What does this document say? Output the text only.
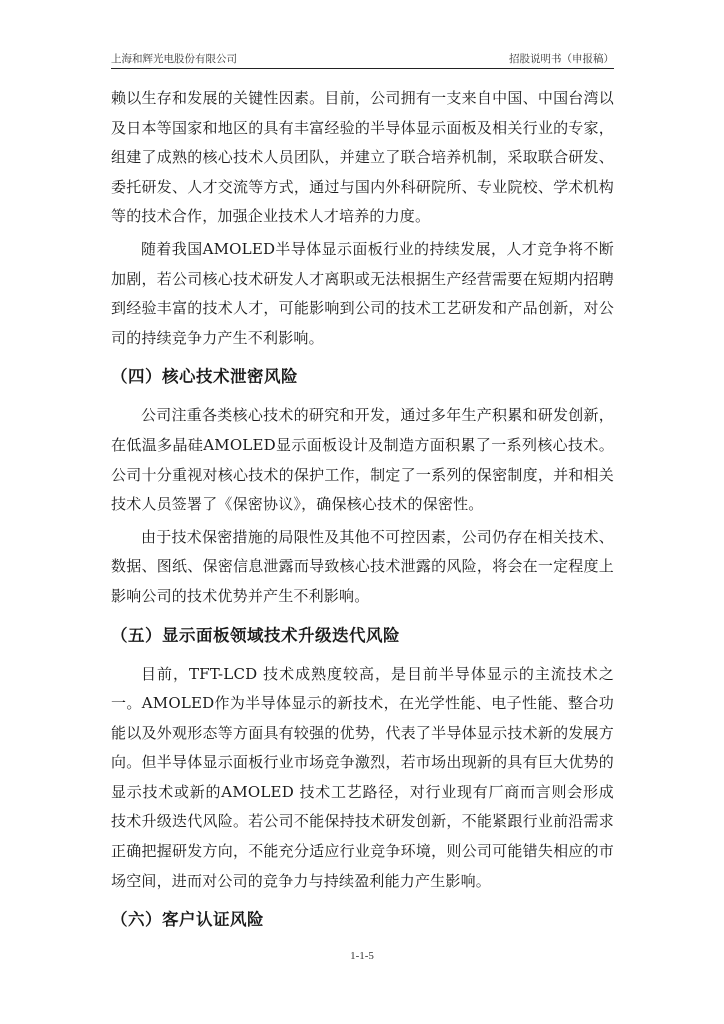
上海和辉光电股份有限公司	招股说明书（申报稿）

赖以生存和发展的关键性因素。目前，公司拥有一支来自中国、中国台湾以及日本等国家和地区的具有丰富经验的半导体显示面板及相关行业的专家，组建了成熟的核心技术人员团队，并建立了联合培养机制，采取联合研发、委托研发、人才交流等方式，通过与国内外科研院所、专业院校、学术机构等的技术合作，加强企业技术人才培养的力度。

随着我国AMOLED半导体显示面板行业的持续发展，人才竞争将不断加剧，若公司核心技术研发人才离职或无法根据生产经营需要在短期内招聘到经验丰富的技术人才，可能影响到公司的技术工艺研发和产品创新，对公司的持续竞争力产生不利影响。

（四）核心技术泄密风险

公司注重各类核心技术的研究和开发，通过多年生产积累和研发创新，在低温多晶硅AMOLED显示面板设计及制造方面积累了一系列核心技术。公司十分重视对核心技术的保护工作，制定了一系列的保密制度，并和相关技术人员签署了《保密协议》，确保核心技术的保密性。

由于技术保密措施的局限性及其他不可控因素，公司仍存在相关技术、数据、图纸、保密信息泄露而导致核心技术泄露的风险，将会在一定程度上影响公司的技术优势并产生不利影响。

（五）显示面板领域技术升级迭代风险

目前，TFT-LCD 技术成熟度较高，是目前半导体显示的主流技术之一。AMOLED作为半导体显示的新技术，在光学性能、电子性能、整合功能以及外观形态等方面具有较强的优势，代表了半导体显示技术新的发展方向。但半导体显示面板行业市场竞争激烈，若市场出现新的具有巨大优势的显示技术或新的AMOLED 技术工艺路径，对行业现有厂商而言则会形成技术升级迭代风险。若公司不能保持技术研发创新，不能紧跟行业前沿需求正确把握研发方向，不能充分适应行业竞争环境，则公司可能错失相应的市场空间，进而对公司的竞争力与持续盈利能力产生影响。

（六）客户认证风险
1-1-5
